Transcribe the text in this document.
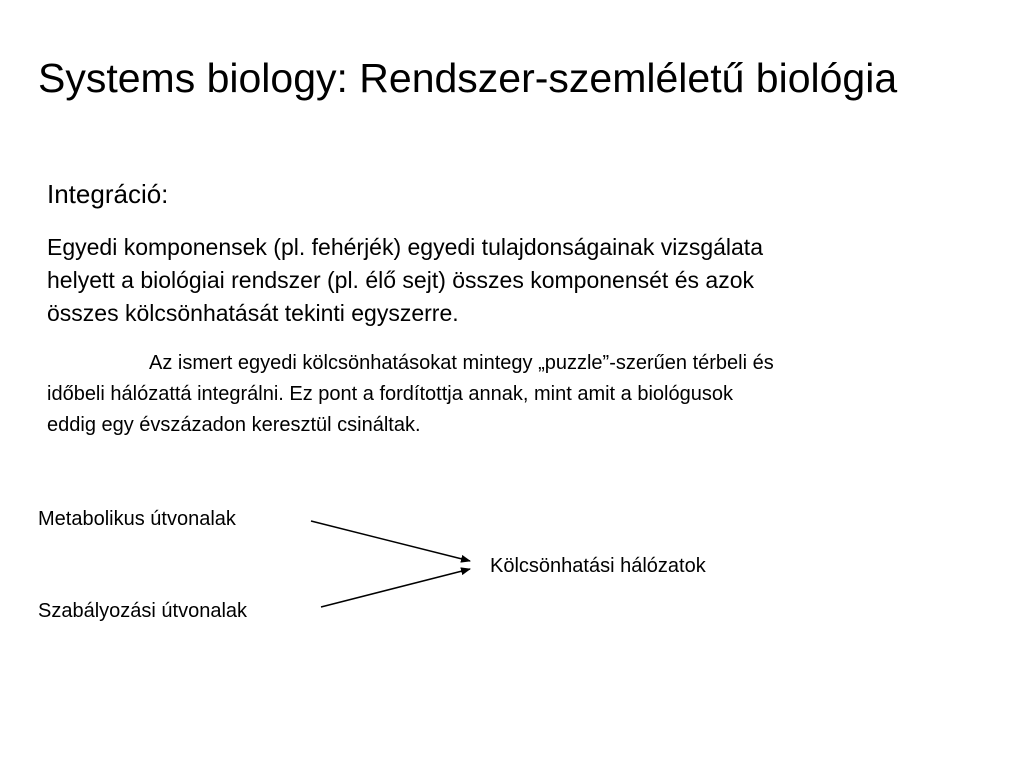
Systems biology: Rendszer-szemléletű biológia
Integráció:
Egyedi komponensek (pl. fehérjék) egyedi tulajdonságainak vizsgálata
helyett a biológiai rendszer (pl. élő sejt) összes komponensét és azok
összes kölcsönhatását tekinti egyszerre.
Az ismert egyedi kölcsönhatásokat mintegy „puzzle”-szerűen térbeli és
időbeli hálózattá integrálni. Ez pont a fordítottja annak, mint amit a biológusok
eddig egy évszázadon keresztül csináltak.
Metabolikus útvonalak
Szabályozási útvonalak
Kölcsönhatási hálózatok
